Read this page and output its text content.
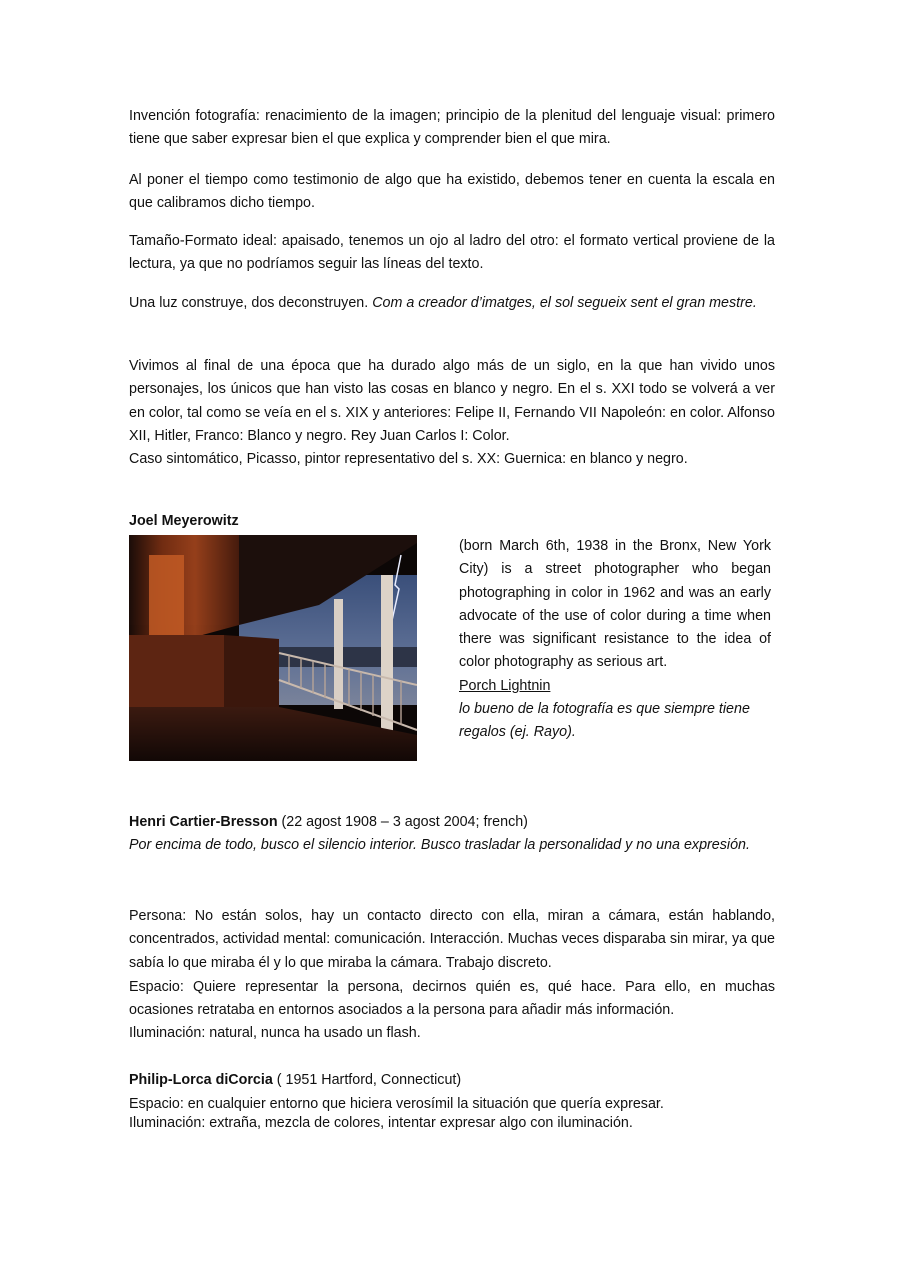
Invención fotografía: renacimiento de la imagen; principio de la plenitud del lenguaje visual: primero tiene que saber expresar bien el que explica y comprender bien el que mira.

Al poner el tiempo como testimonio de algo que ha existido, debemos tener en cuenta la escala en que calibramos dicho tiempo.

Tamaño-Formato ideal: apaisado, tenemos un ojo al ladro del otro: el formato vertical proviene de la lectura, ya que no podríamos seguir las líneas del texto.

Una luz construye, dos deconstruyen. Com a creador d’imatges, el sol segueix sent el gran mestre.

Vivimos al final de una época que ha durado algo más de un siglo, en la que han vivido unos personajes, los únicos que han visto las cosas en blanco y negro. En el s. XXI todo se volverá a ver en color, tal como se veía en el s. XIX y anteriores: Felipe II, Fernando VII Napoleón: en color. Alfonso XII, Hitler, Franco: Blanco y negro. Rey Juan Carlos I: Color.

Caso sintomático, Picasso, pintor representativo del s. XX: Guernica: en blanco y negro.

Joel Meyerowitz

(born March 6th, 1938 in the Bronx, New York City) is a street photographer who began photographing in color in 1962 and was an early advocate of the use of color during a time when there was significant resistance to the idea of color photography as serious art.
Porch Lightnin
lo bueno de la fotografía es que siempre tiene regalos (ej. Rayo).

Henri Cartier-Bresson (22 agost 1908 – 3 agost 2004; french)

Por encima de todo, busco el silencio interior. Busco trasladar la personalidad y no una expresión.

Persona: No están solos, hay un contacto directo con ella, miran a cámara, están hablando, concentrados, actividad mental: comunicación. Interacción. Muchas veces disparaba sin mirar, ya que sabía lo que miraba él y lo que miraba la cámara. Trabajo discreto.

Espacio: Quiere representar la persona, decirnos quién es, qué hace. Para ello, en muchas ocasiones retrataba en entornos asociados a la persona para añadir más información.

Iluminación: natural, nunca ha usado un flash.

Philip-Lorca diCorcia ( 1951 Hartford, Connecticut)

Espacio: en cualquier entorno que hiciera verosímil la situación que quería expresar.

Iluminación: extraña, mezcla de colores, intentar expresar algo con iluminación.
